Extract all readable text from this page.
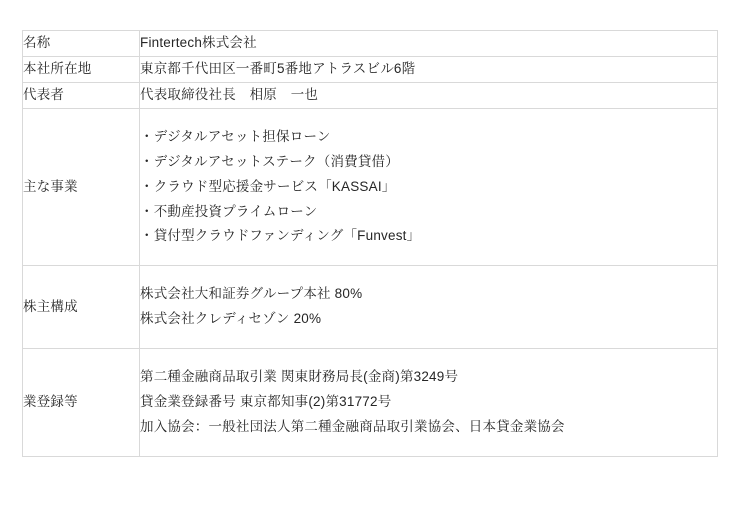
名称	Fintertech株式会社

本社所在地	東京都千代田区一番町5番地アトラスビル6階

代表者	代表取締役社長　相原　一也

主な事業	・デジタルアセット担保ローン
・デジタルアセットステーク（消費貸借）
・クラウド型応援金サービス「KASSAI」
・不動産投資プライムローン
・貸付型クラウドファンディング「Funvest」

株主構成	株式会社大和証券グループ本社 80%
株式会社クレディセゾン 20%

業登録等	第二種金融商品取引業 関東財務局長(金商)第3249号
貸金業登録番号 東京都知事(2)第31772号
加入協会：一般社団法人第二種金融商品取引業協会、日本貸金業協会
